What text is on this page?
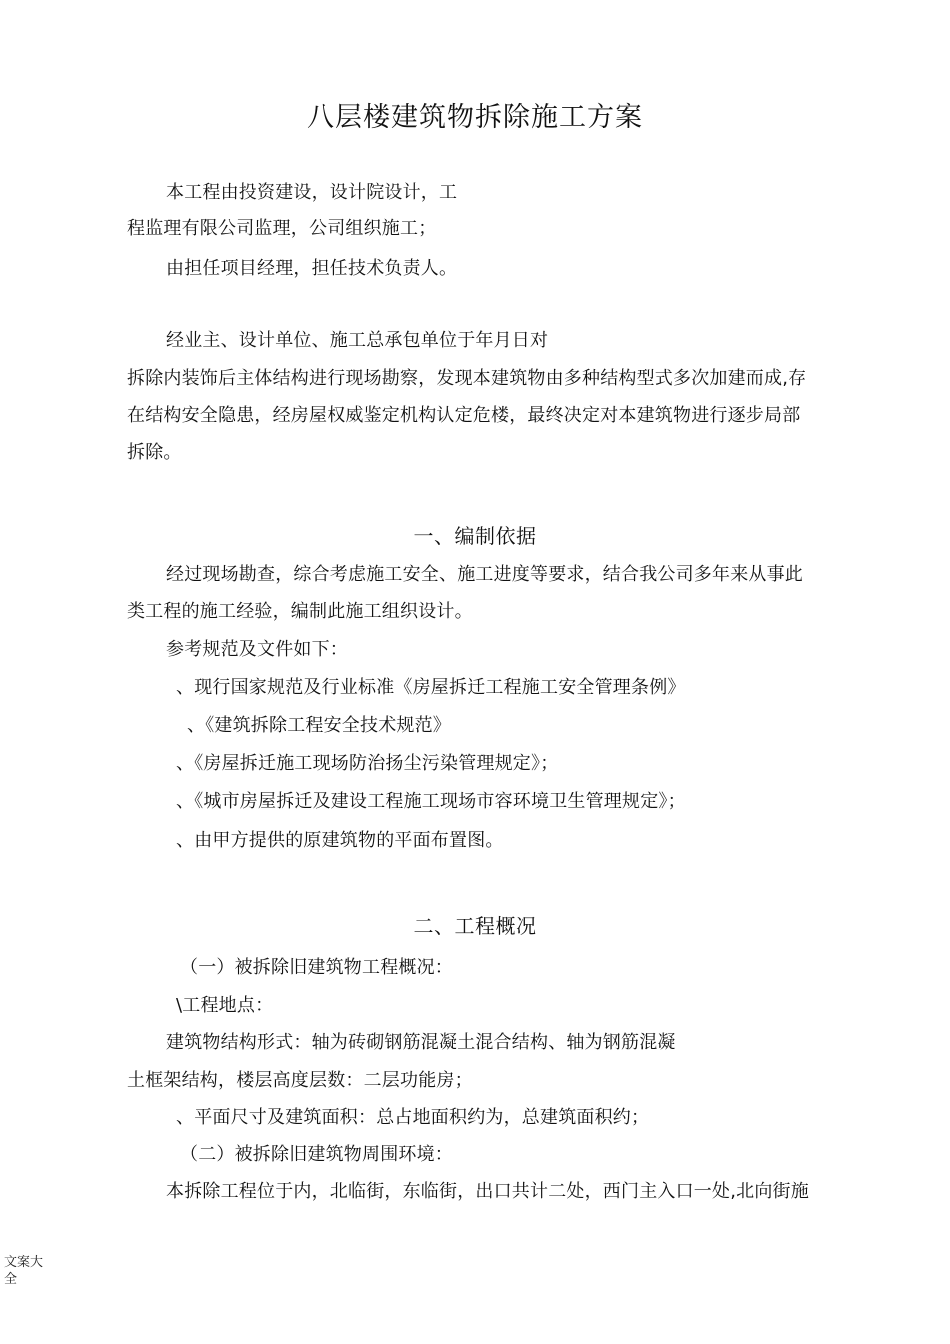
八层楼建筑物拆除施工方案
本工程由投资建设，设计院设计，工
程监理有限公司监理，公司组织施工；
由担任项目经理，担任技术负责人。
经业主、设计单位、施工总承包单位于年月日对
拆除内装饰后主体结构进行现场勘察，发现本建筑物由多种结构型式多次加建而成,存
在结构安全隐患，经房屋权威鉴定机构认定危楼，最终决定对本建筑物进行逐步局部
拆除。
一、编制依据
经过现场勘查，综合考虑施工安全、施工进度等要求，结合我公司多年来从事此
类工程的施工经验，编制此施工组织设计。
参考规范及文件如下：
、现行国家规范及行业标准《房屋拆迁工程施工安全管理条例》
、《建筑拆除工程安全技术规范》
、《房屋拆迁施工现场防治扬尘污染管理规定》；
、《城市房屋拆迁及建设工程施工现场市容环境卫生管理规定》；
、由甲方提供的原建筑物的平面布置图。
二、工程概况
（一）被拆除旧建筑物工程概况：
\工程地点：
建筑物结构形式：轴为砖砌钢筋混凝土混合结构、轴为钢筋混凝
土框架结构，楼层高度层数：二层功能房；
、平面尺寸及建筑面积：总占地面积约为，总建筑面积约；
（二）被拆除旧建筑物周围环境：
本拆除工程位于内，北临街，东临街，出口共计二处，西门主入口一处,北向街施
文案大
全
